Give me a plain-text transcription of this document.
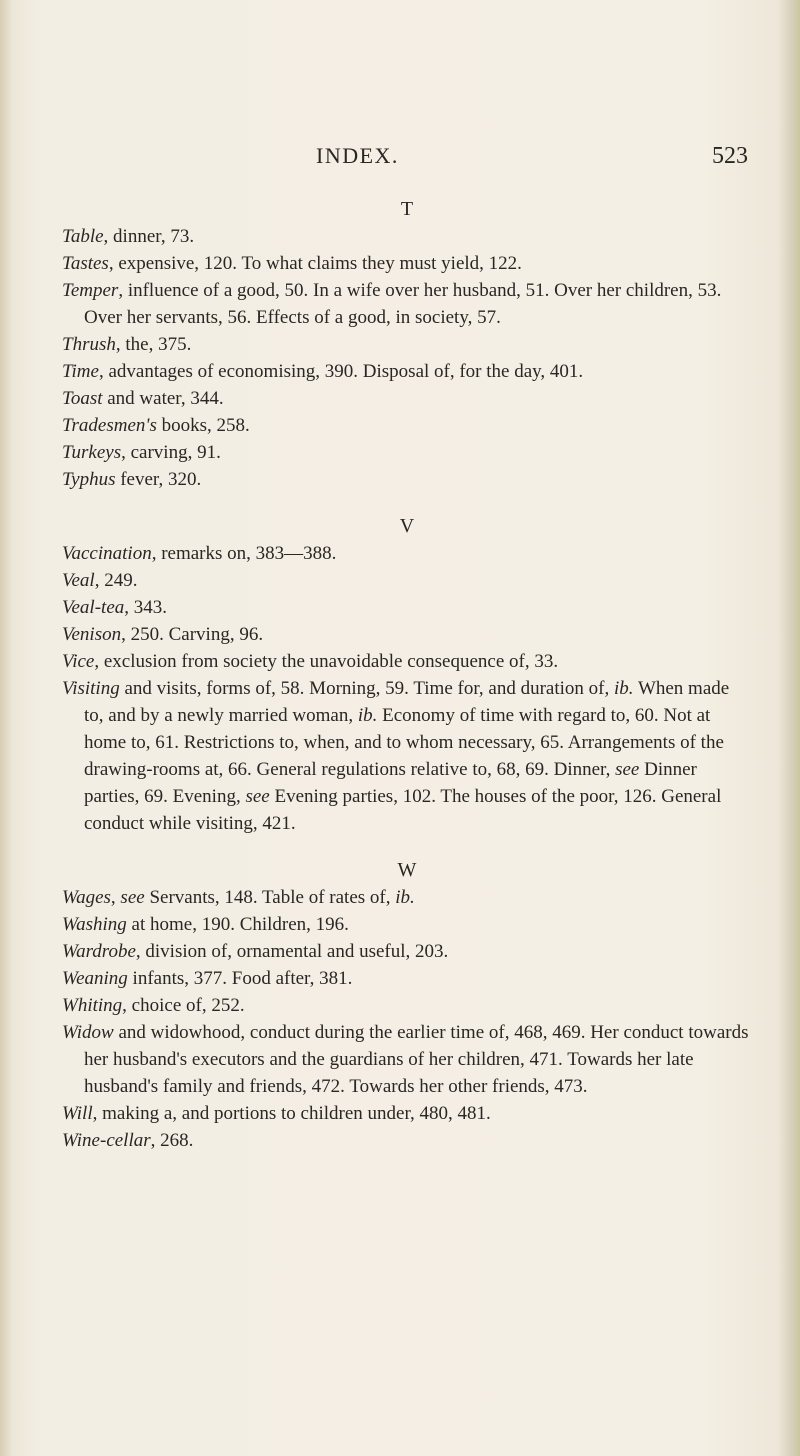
INDEX.	523

T

Table, dinner, 73.

Tastes, expensive, 120. To what claims they must yield, 122.

Temper, influence of a good, 50. In a wife over her husband, 51. Over her children, 53. Over her servants, 56. Effects of a good, in society, 57.

Thrush, the, 375.

Time, advantages of economising, 390. Disposal of, for the day, 401.

Toast and water, 344.

Tradesmen's books, 258.

Turkeys, carving, 91.

Typhus fever, 320.

V

Vaccination, remarks on, 383—388.

Veal, 249.

Veal-tea, 343.

Venison, 250. Carving, 96.

Vice, exclusion from society the unavoidable consequence of, 33.

Visiting and visits, forms of, 58. Morning, 59. Time for, and duration of, ib. When made to, and by a newly married woman, ib. Economy of time with regard to, 60. Not at home to, 61. Restrictions to, when, and to whom necessary, 65. Arrangements of the drawing-rooms at, 66. General regulations relative to, 68, 69. Dinner, see Dinner parties, 69. Evening, see Evening parties, 102. The houses of the poor, 126. General conduct while visiting, 421.

W

Wages, see Servants, 148. Table of rates of, ib.

Washing at home, 190. Children, 196.

Wardrobe, division of, ornamental and useful, 203.

Weaning infants, 377. Food after, 381.

Whiting, choice of, 252.

Widow and widowhood, conduct during the earlier time of, 468, 469. Her conduct towards her husband's executors and the guardians of her children, 471. Towards her late husband's family and friends, 472. Towards her other friends, 473.

Will, making a, and portions to children under, 480, 481.

Wine-cellar, 268.
